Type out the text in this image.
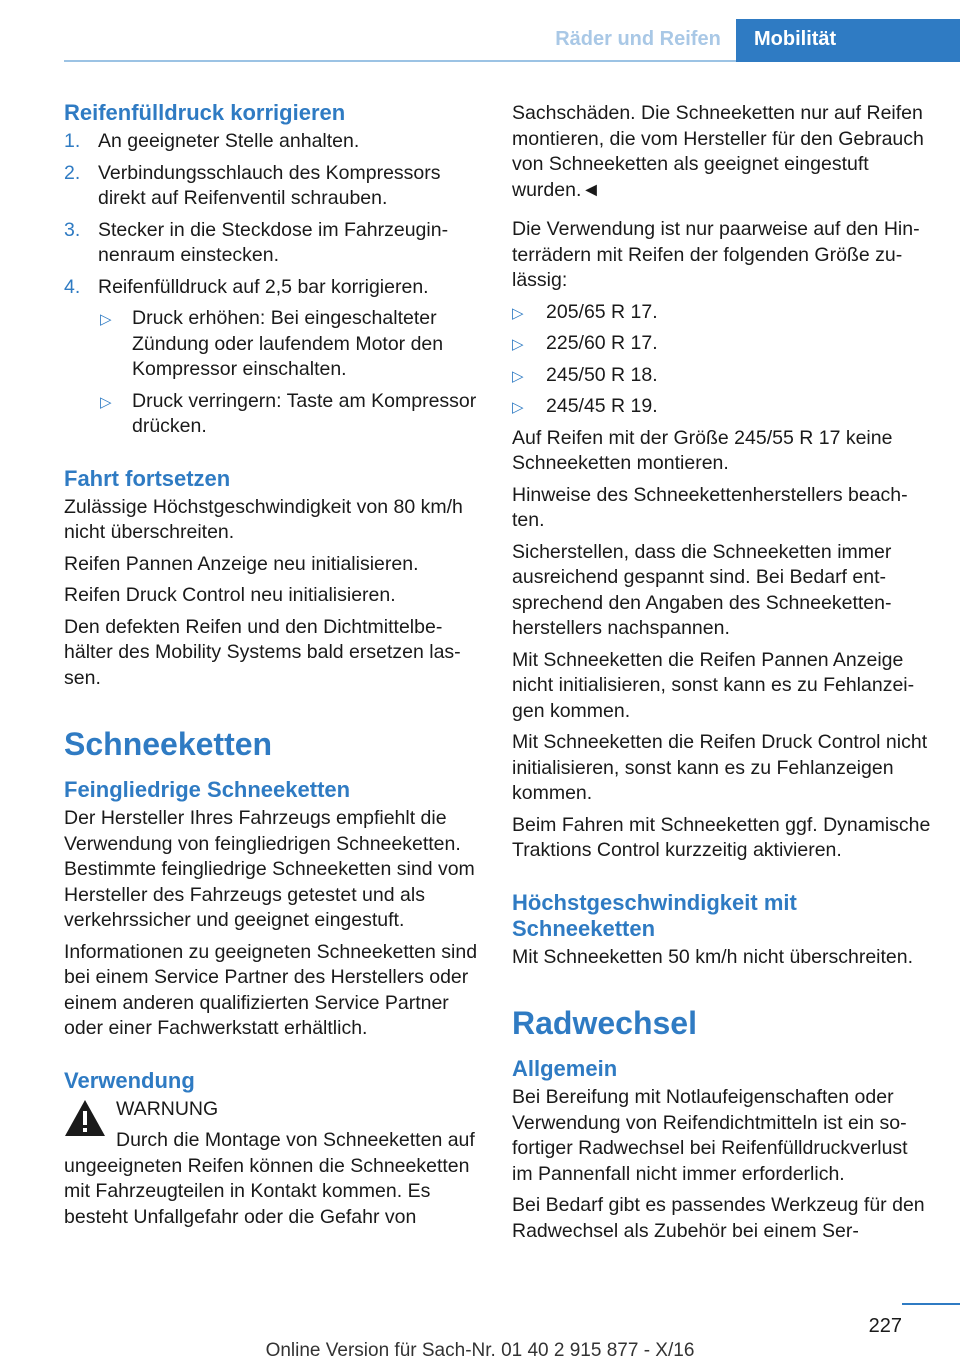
Räder und Reifen	Mobilität
Reifenfülldruck korrigieren
1. An geeigneter Stelle anhalten.
2. Verbindungsschlauch des Kompressors direkt auf Reifenventil schrauben.
3. Stecker in die Steckdose im Fahrzeuginnenraum einstecken.
4. Reifenfülldruck auf 2,5 bar korrigieren.
▷ Druck erhöhen: Bei eingeschalteter Zündung oder laufendem Motor den Kompressor einschalten.
▷ Druck verringern: Taste am Kompressor drücken.
Fahrt fortsetzen

Zulässige Höchstgeschwindigkeit von 80 km/h nicht überschreiten.

Reifen Pannen Anzeige neu initialisieren.

Reifen Druck Control neu initialisieren.

Den defekten Reifen und den Dichtmittelbehälter des Mobility Systems bald ersetzen lassen.

Schneeketten
Feingliedrige Schneeketten

Der Hersteller Ihres Fahrzeugs empfiehlt die Verwendung von feingliedrigen Schneeketten. Bestimmte feingliedrige Schneeketten sind vom Hersteller des Fahrzeugs getestet und als verkehrssicher und geeignet eingestuft.

Informationen zu geeigneten Schneeketten sind bei einem Service Partner des Herstellers oder einem anderen qualifizierten Service Partner oder einer Fachwerkstatt erhältlich.

Verwendung
WARNUNG

Durch die Montage von Schneeketten auf ungeeigneten Reifen können die Schneeketten mit Fahrzeugteilen in Kontakt kommen. Es besteht Unfallgefahr oder die Gefahr von

Sachschäden. Die Schneeketten nur auf Reifen montieren, die vom Hersteller für den Gebrauch von Schneeketten als geeignet eingestuft wurden.◄

Die Verwendung ist nur paarweise auf den Hinterrädern mit Reifen der folgenden Größe zulässig:

▷ 205/65 R 17.
▷ 225/60 R 17.
▷ 245/50 R 18.
▷ 245/45 R 19.

Auf Reifen mit der Größe 245/55 R 17 keine Schneeketten montieren.

Hinweise des Schneekettenherstellers beachten.

Sicherstellen, dass die Schneeketten immer ausreichend gespannt sind. Bei Bedarf entsprechend den Angaben des Schneekettenherstellers nachspannen.

Mit Schneeketten die Reifen Pannen Anzeige nicht initialisieren, sonst kann es zu Fehlanzeigen kommen.

Mit Schneeketten die Reifen Druck Control nicht initialisieren, sonst kann es zu Fehlanzeigen kommen.

Beim Fahren mit Schneeketten ggf. Dynamische Traktions Control kurzzeitig aktivieren.

Höchstgeschwindigkeit mit Schneeketten

Mit Schneeketten 50 km/h nicht überschreiten.

Radwechsel
Allgemein

Bei Bereifung mit Notlaufeigenschaften oder Verwendung von Reifendichtmitteln ist ein sofortiger Radwechsel bei Reifenfülldruckverlust im Pannenfall nicht immer erforderlich.

Bei Bedarf gibt es passendes Werkzeug für den Radwechsel als Zubehör bei einem Ser-

227
Online Version für Sach-Nr. 01 40 2 915 877 - X/16
